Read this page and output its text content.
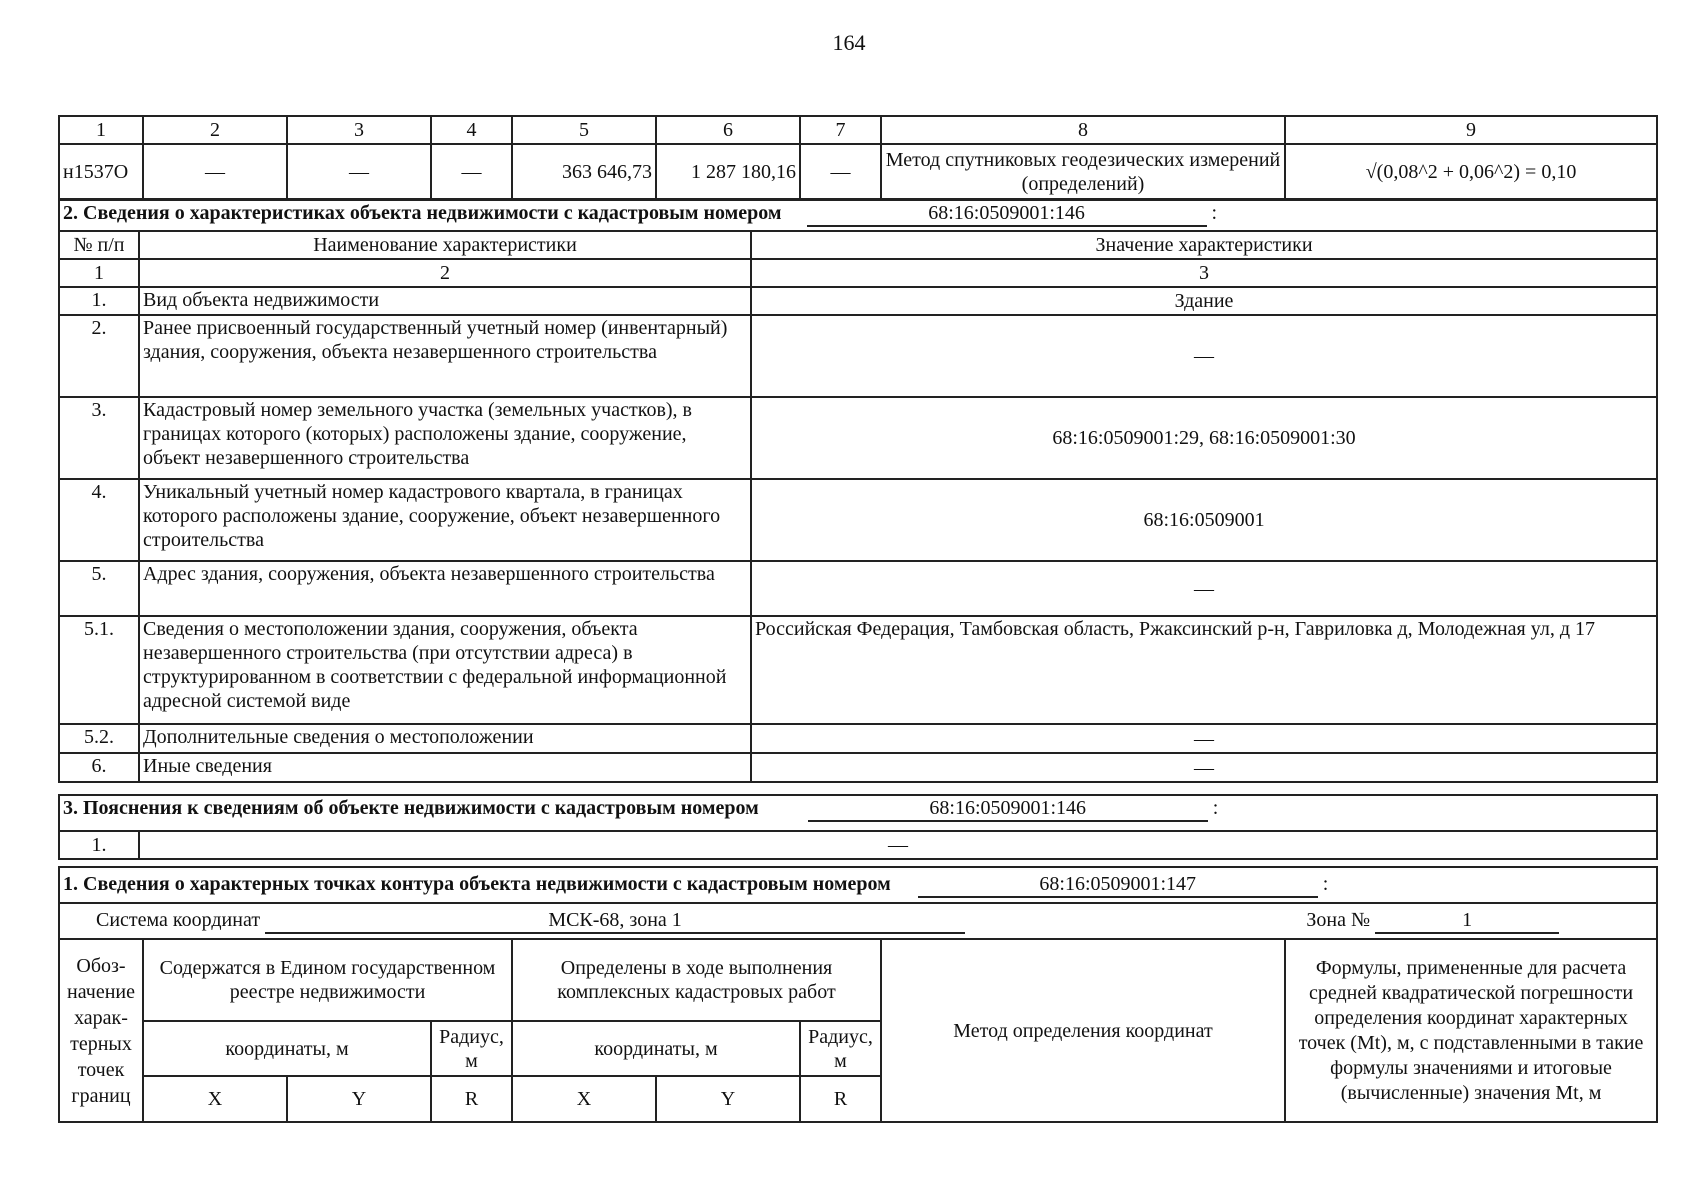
164
1	2	3	4	5	6	7	8	9
н1537О	—	—	—	363 646,73	1 287 180,16	—	Метод спутниковых геодезических измерений (определений)	√(0,08^2 + 0,06^2) = 0,10
2. Сведения о характеристиках объекта недвижимости с кадастровым номером 68:16:0509001:146 :		
№ п/п	Наименование характеристики	Значение характеристики
1	2	3
1.	Вид объекта недвижимости	Здание
2.	Ранее присвоенный государственный учетный номер (инвентарный) здания, сооружения, объекта незавершенного строительства	—
3.	Кадастровый номер земельного участка (земельных участков), в границах которого (которых) расположены здание, сооружение, объект незавершенного строительства	68:16:0509001:29, 68:16:0509001:30
4.	Уникальный учетный номер кадастрового квартала, в границах которого расположены здание, сооружение, объект незавершенного строительства	68:16:0509001
5.	Адрес здания, сооружения, объекта незавершенного строительства	—
5.1.	Сведения о местоположении здания, сооружения, объекта незавершенного строительства (при отсутствии адреса) в структурированном в соответствии с федеральной информационной адресной системой виде	Российская Федерация, Тамбовская область, Ржаксинский р-н, Гавриловка д, Молодежная ул, д 17
5.2.	Дополнительные сведения о местоположении	—
6.	Иные сведения	—
3. Пояснения к сведениям об объекте недвижимости с кадастровым номером	68:16:0509001:146	:
1.	—
1. Сведения о характерных точках контура объекта недвижимости с кадастровым номером 68:16:0509001:147 :								
Система координат МСК-68, зона 1 Зона № 1								
Обоз-начение харак-терных точек границ	Содержатся в Едином государственном реестре недвижимости			Определены в ходе выполнения комплексных кадастровых работ			Метод определения координат	Формулы, примененные для расчета средней квадратической погрешности определения координат характерных точек (Mt), м, с подставленными в такие формулы значениями и итоговые (вычисленные) значения Mt, м
	координаты, м		Радиус, м	координаты, м		Радиус, м		
	X	Y	R	X	Y	R		
